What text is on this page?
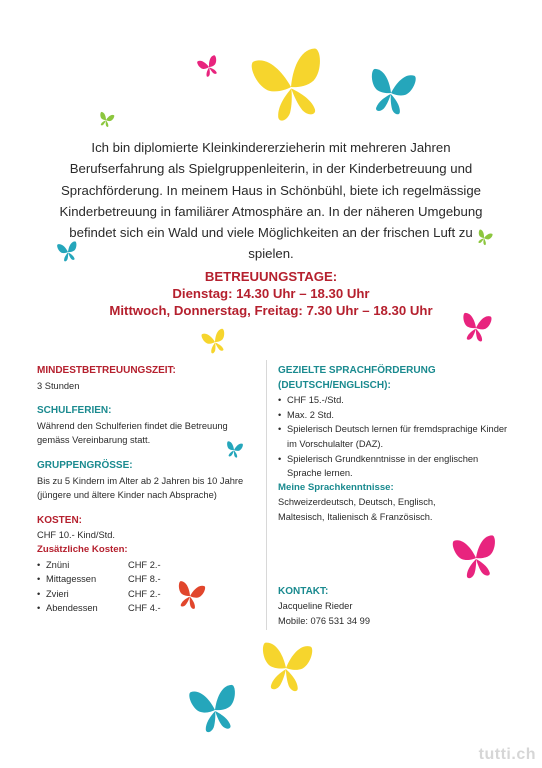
Ich bin diplomierte Kleinkindererzieherin mit mehreren Jahren Berufserfahrung als Spielgruppenleiterin, in der Kinderbetreuung und Sprachförderung. In meinem Haus in Schönbühl, biete ich regelmässige Kinderbetreuung in familiärer Atmosphäre an. In der näheren Umgebung befindet sich ein Wald und viele Möglichkeiten an der frischen Luft zu spielen.
BETREUUNGSTAGE:
Dienstag: 14.30 Uhr – 18.30 Uhr
Mittwoch, Donnerstag, Freitag: 7.30 Uhr – 18.30 Uhr
MINDESTBETREUUNGSZEIT:
3 Stunden
SCHULFERIEN:
Während den Schulferien findet die Betreuung
gemäss Vereinbarung statt.
GRUPPENGRÖSSE:
Bis zu 5 Kindern im Alter ab 2 Jahren bis 10 Jahre
(jüngere und ältere Kinder nach Absprache)
KOSTEN:
CHF 10.- Kind/Std.
Zusätzliche Kosten:
• Znüni	CHF 2.-
• Mittagessen	CHF 8.-
• Zvieri	CHF 2.-
• Abendessen	CHF 4.-
GEZIELTE SPRACHFÖRDERUNG
(DEUTSCH/ENGLISCH):
• CHF 15.-/Std.
• Max. 2 Std.
• Spielerisch Deutsch lernen für fremdsprachige Kinder im Vorschulalter (DAZ).
• Spielerisch Grundkenntnisse in der englischen Sprache lernen.
Meine Sprachkenntnisse:
Schweizerdeutsch, Deutsch, Englisch,
Maltesisch, Italienisch & Französisch.
KONTAKT:
Jacqueline Rieder
Mobile: 076 531 34 99
tutti.ch
